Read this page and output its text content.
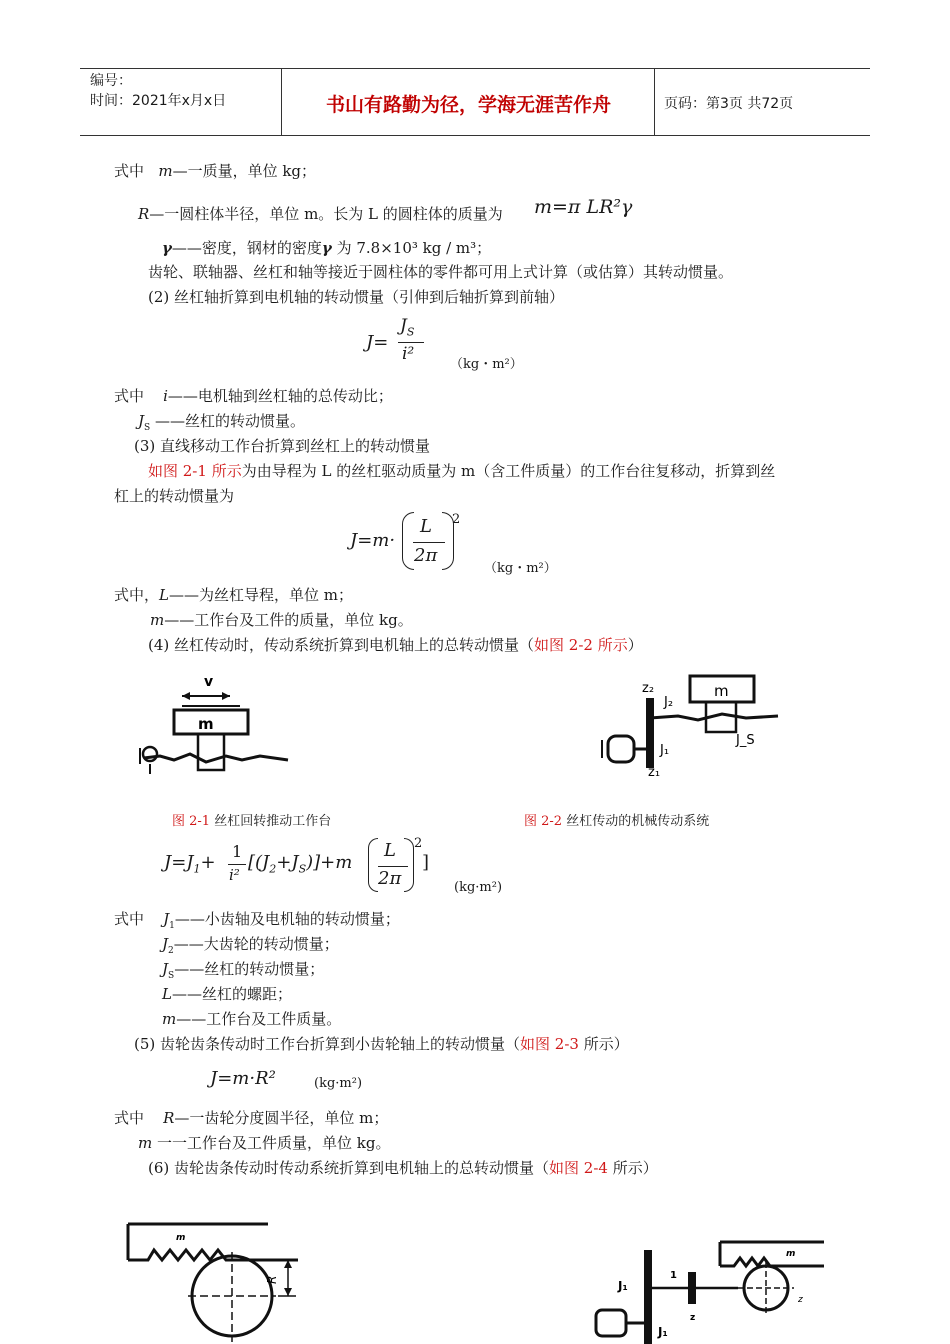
编号：
时间：2021年x月x日	书山有路勤为径，学海无涯苦作舟	页码：第3页 共72页
式中 m—一质量，单位 kg；
R—一圆柱体半径，单位 m。长为 L 的圆柱体的质量为 m=π LR²γ
γ——密度，钢材的密度γ 为 7.8×10³ kg / m³；
齿轮、联轴器、丝杠和轴等接近于圆柱体的零件都可用上式计算（或估算）其转动惯量。
(2) 丝杠轴折算到电机轴的转动惯量（引伸到后轴折算到前轴）
J=
$J_S$
i²
（kg・m²）
式中 i——电机轴到丝杠轴的总传动比；
$J_S$ ——丝杠的转动惯量。
(3) 直线移动工作台折算到丝杠上的转动惯量
如图 2-1 所示为由导程为 L 的丝杠驱动质量为 m（含工件质量）的工作台往复移动，折算到丝
杠上的转动惯量为
J=m·
L
2π
2
（kg・m²）
式中，L——为丝杠导程，单位 m；
m——工作台及工件的质量，单位 kg。
(4) 丝杠传动时，传动系统折算到电机轴上的总转动惯量（如图 2-2 所示）
v
m
z₂
J₂
m
J₁
J_S
z₁
图 2-1 丝杠回转推动工作台	图 2-2 丝杠传动的机械传动系统
$J=J_1+$
1
i²
$[(J_2+J_S)]+m$
L
2π
2
]
(kg·m²)
式中 $J_1——$小齿轴及电机轴的转动惯量；
$J_2——$大齿轮的转动惯量；
$J_S——$丝杠的转动惯量；
L——丝杠的螺距；
m——工作台及工件质量。
(5) 齿轮齿条传动时工作台折算到小齿轮轴上的转动惯量（如图 2-3 所示）
J=m·R²	(kg·m²)
式中 R—一齿轮分度圆半径，单位 m；
m 一一工作台及工件质量，单位 kg。
(6) 齿轮齿条传动时传动系统折算到电机轴上的总转动惯量（如图 2-4 所示）
m
R
m
1
z
z
J₁
J₁
